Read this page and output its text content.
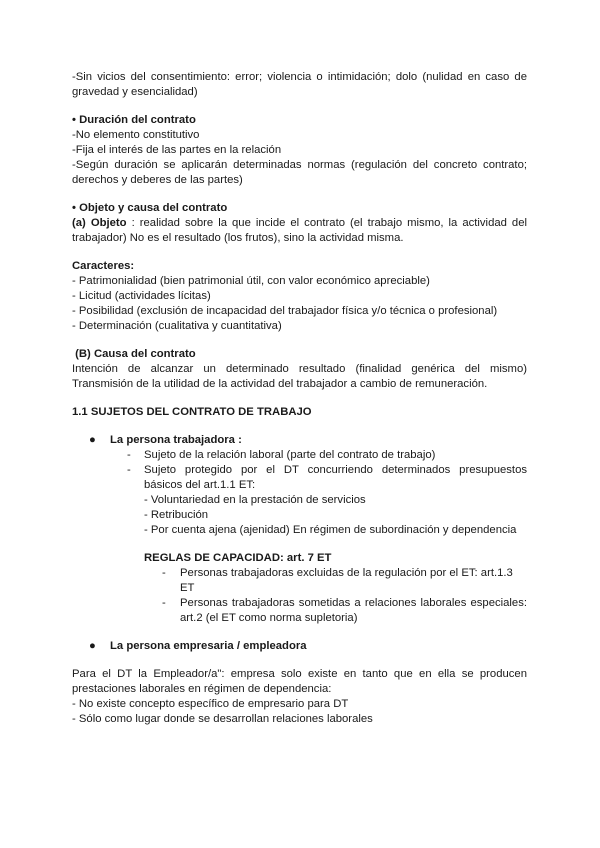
-Sin vicios del consentimiento: error; violencia o intimidación; dolo (nulidad en caso de gravedad y esencialidad)

• Duración del contrato

-No elemento constitutivo

-Fija el interés de las partes en la relación

-Según duración se aplicarán determinadas normas (regulación del concreto contrato; derechos y deberes de las partes)

• Objeto y causa del contrato

(a) Objeto : realidad sobre la que incide el contrato (el trabajo mismo, la actividad del trabajador) No es el resultado (los frutos), sino la actividad misma.

Caracteres:

- Patrimonialidad (bien patrimonial útil, con valor económico apreciable)

- Licitud (actividades lícitas)

- Posibilidad (exclusión de incapacidad del trabajador física y/o técnica o profesional)

- Determinación (cualitativa y cuantitativa)

(B) Causa del contrato

Intención de alcanzar un determinado resultado (finalidad genérica del mismo) Transmisión de la utilidad de la actividad del trabajador a cambio de remuneración.

1.1 SUJETOS DEL CONTRATO DE TRABAJO

● La persona trabajadora :
- Sujeto de la relación laboral (parte del contrato de trabajo)
- Sujeto protegido por el DT concurriendo determinados presupuestos básicos del art.1.1 ET:

- Voluntariedad en la prestación de servicios

- Retribución

- Por cuenta ajena (ajenidad) En régimen de subordinación y dependencia

REGLAS DE CAPACIDAD: art. 7 ET

- Personas trabajadoras excluidas de la regulación por el ET: art.1.3 ET
- Personas trabajadoras sometidas a relaciones laborales especiales: art.2 (el ET como norma supletoria)
● La persona empresaria / empleadora

Para el DT la Empleador/a": empresa solo existe en tanto que en ella se producen prestaciones laborales en régimen de dependencia:

- No existe concepto específico de empresario para DT

- Sólo como lugar donde se desarrollan relaciones laborales
